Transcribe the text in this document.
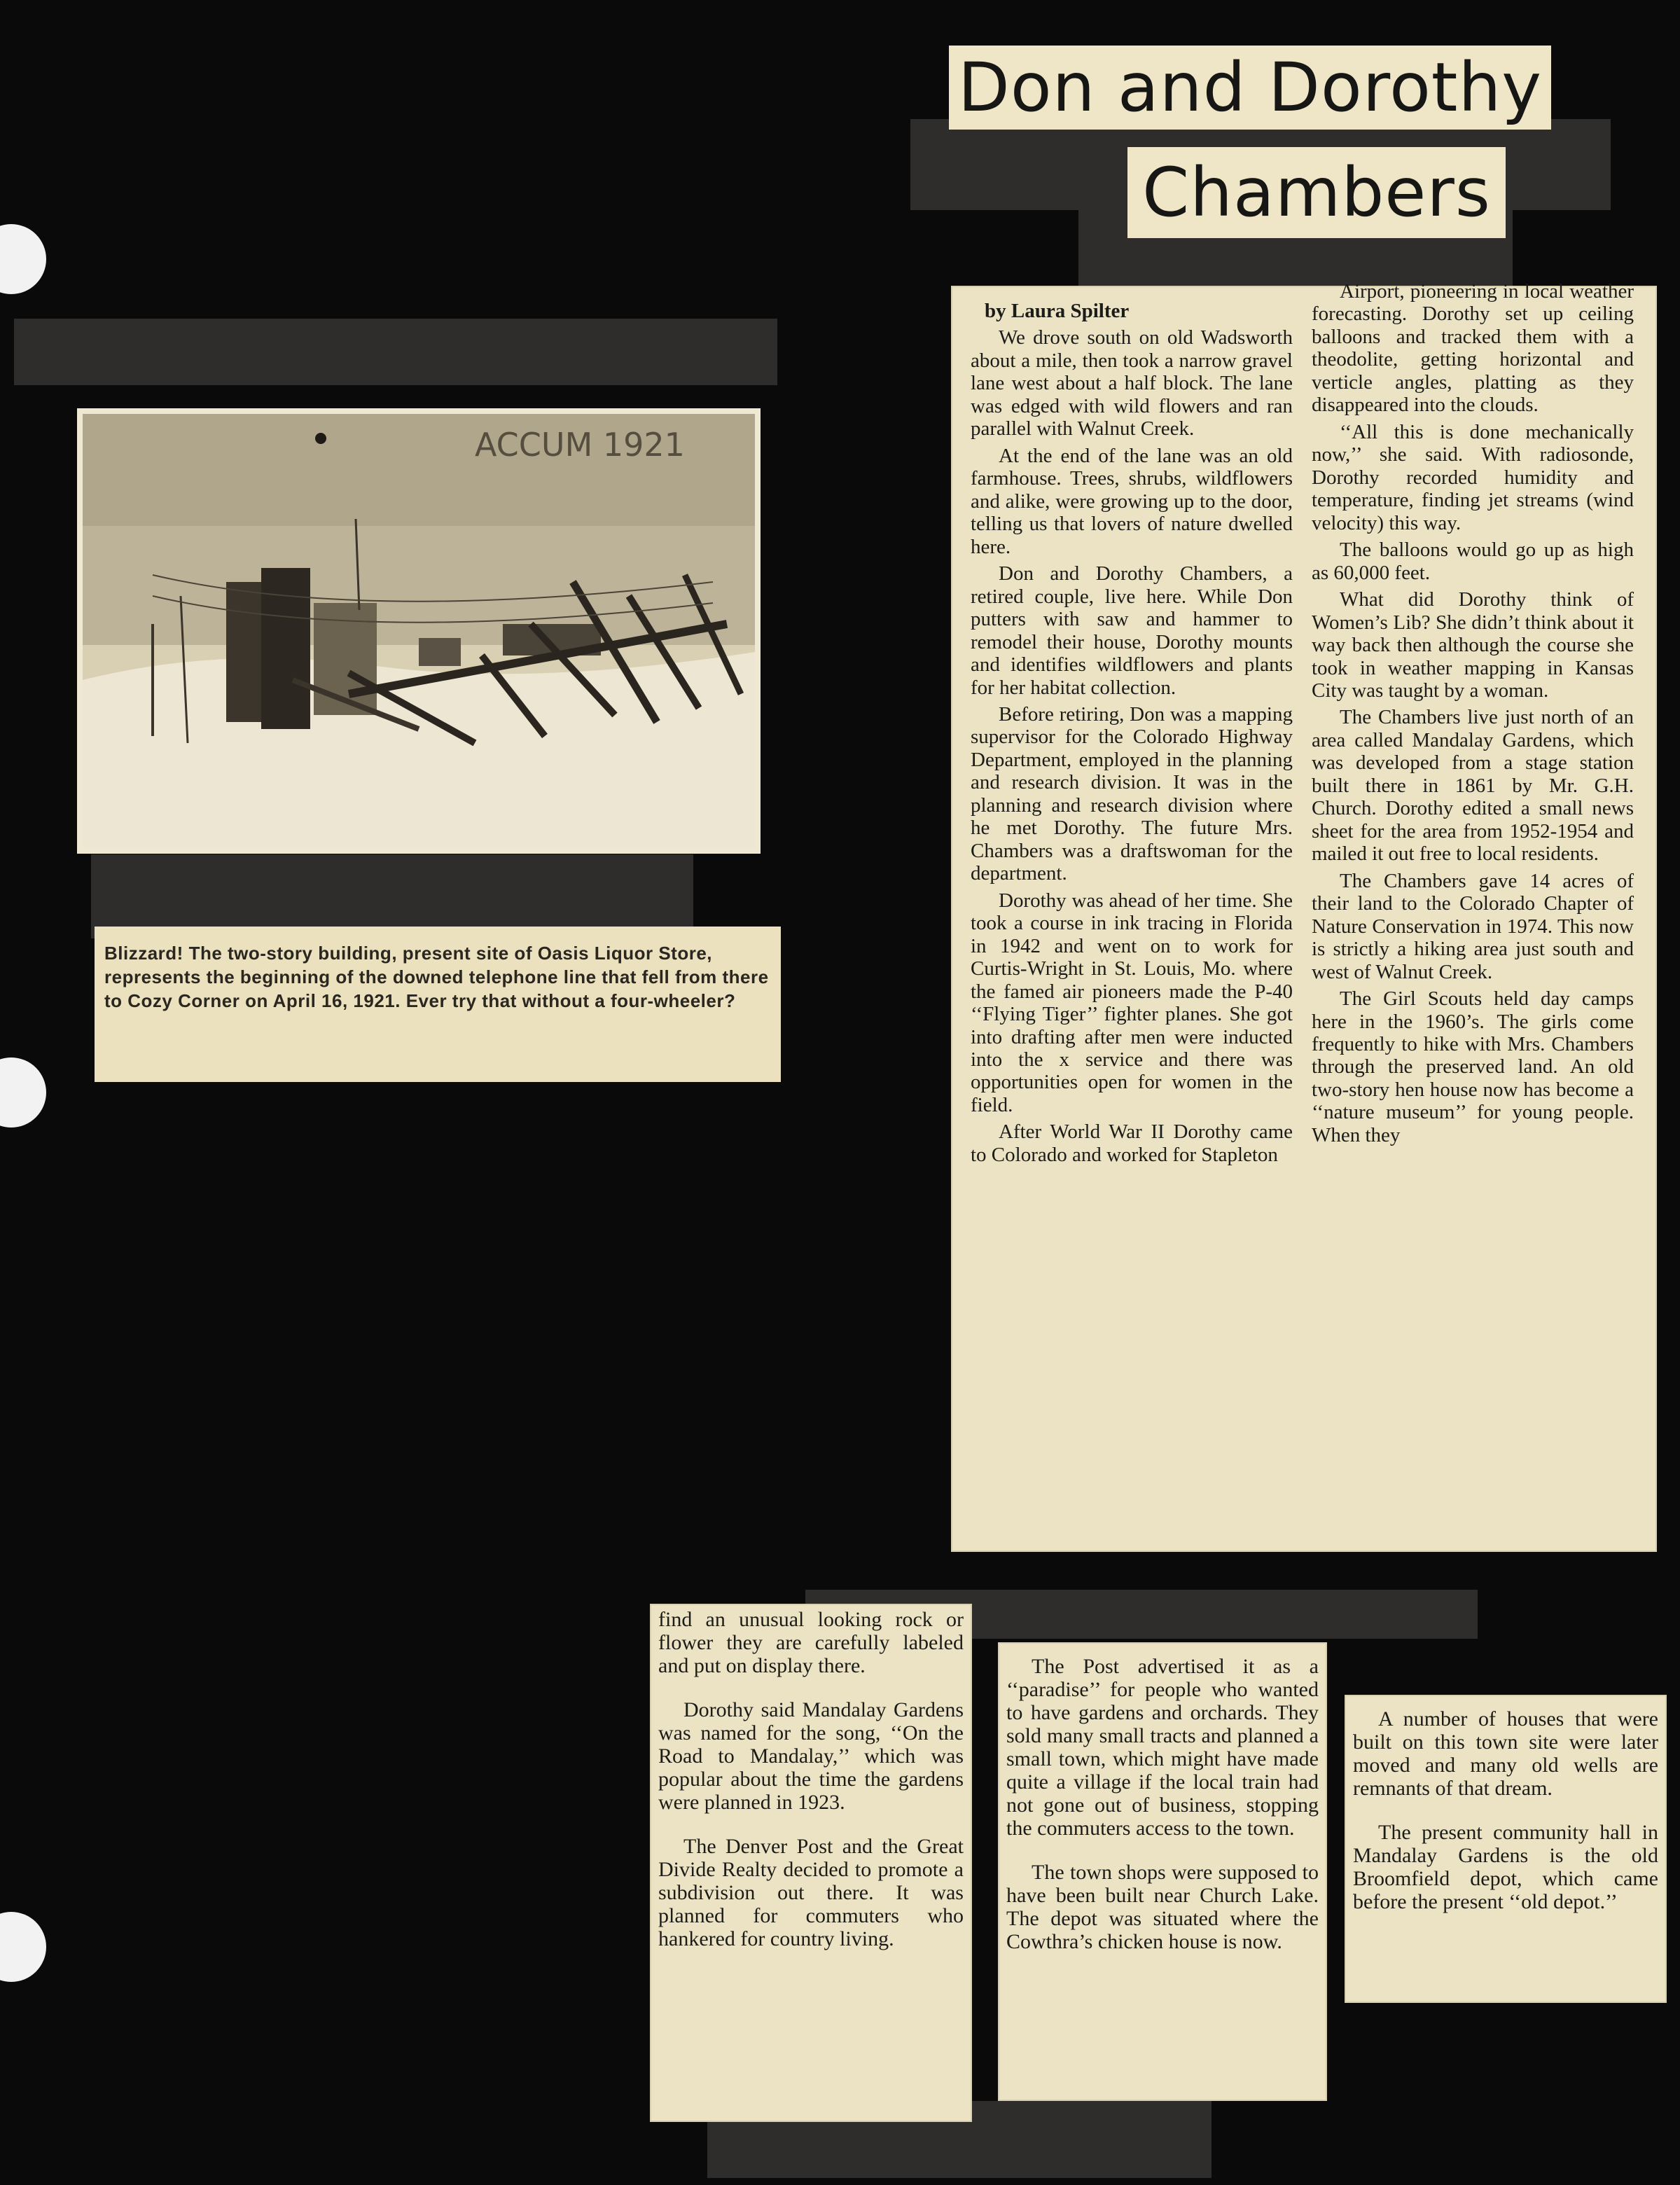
Don and Dorothy
Chambers

by Laura Spilter

We drove south on old Wadsworth about a mile, then took a narrow gravel lane west about a half block. The lane was edged with wild flowers and ran parallel with Walnut Creek.

At the end of the lane was an old farmhouse. Trees, shrubs, wildflowers and alike, were growing up to the door, telling us that lovers of nature dwelled here.

Don and Dorothy Chambers, a retired couple, live here. While Don putters with saw and hammer to remodel their house, Dorothy mounts and identifies wildflowers and plants for her habitat collection.

Before retiring, Don was a mapping supervisor for the Colorado Highway Department, employed in the planning and research division. It was in the planning and research division where he met Dorothy. The future Mrs. Chambers was a draftswoman for the department.

Dorothy was ahead of her time. She took a course in ink tracing in Florida in 1942 and went on to work for Curtis-Wright in St. Louis, Mo. where the famed air pioneers made the P-40 ‘‘Flying Tiger’’ fighter planes. She got into drafting after men were inducted into the x service and there was opportunities open for women in the field.

After World War II Dorothy came to Colorado and worked for Stapleton

Airport, pioneering in local weather forecasting. Dorothy set up ceiling balloons and tracked them with a theodolite, getting horizontal and verticle angles, platting as they disappeared into the clouds.

‘‘All this is done mechanically now,’’ she said. With radiosonde, Dorothy recorded humidity and temperature, finding jet streams (wind velocity) this way.

The balloons would go up as high as 60,000 feet.

What did Dorothy think of Women’s Lib? She didn’t think about it way back then although the course she took in weather mapping in Kansas City was taught by a woman.

The Chambers live just north of an area called Mandalay Gardens, which was developed from a stage station built there in 1861 by Mr. G.H. Church. Dorothy edited a small news sheet for the area from 1952-1954 and mailed it out free to local residents.

The Chambers gave 14 acres of their land to the Colorado Chapter of Nature Conservation in 1974. This now is strictly a hiking area just south and west of Walnut Creek.

The Girl Scouts held day camps here in the 1960’s. The girls come frequently to hike with Mrs. Chambers through the preserved land. An old two-story hen house now has become a ‘‘nature museum’’ for young people. When they

ACCUM 1921
Blizzard! The two-story building, present site of Oasis Liquor Store, represents the beginning of the downed telephone line that fell from there to Cozy Corner on April 16, 1921. Ever try that without a four-wheeler?

find an unusual looking rock or flower they are carefully labeled and put on display there.

Dorothy said Mandalay Gardens was named for the song, ‘‘On the Road to Mandalay,’’ which was popular about the time the gardens were planned in 1923.

The Denver Post and the Great Divide Realty decided to promote a subdivision out there. It was planned for commuters who hankered for country living.

The Post advertised it as a ‘‘paradise’’ for people who wanted to have gardens and orchards. They sold many small tracts and planned a small town, which might have made quite a village if the local train had not gone out of business, stopping the commuters access to the town.

The town shops were supposed to have been built near Church Lake. The depot was situated where the Cowthra’s chicken house is now.

A number of houses that were built on this town site were later moved and many old wells are remnants of that dream.

The present community hall in Mandalay Gardens is the old Broomfield depot, which came before the present ‘‘old depot.’’
